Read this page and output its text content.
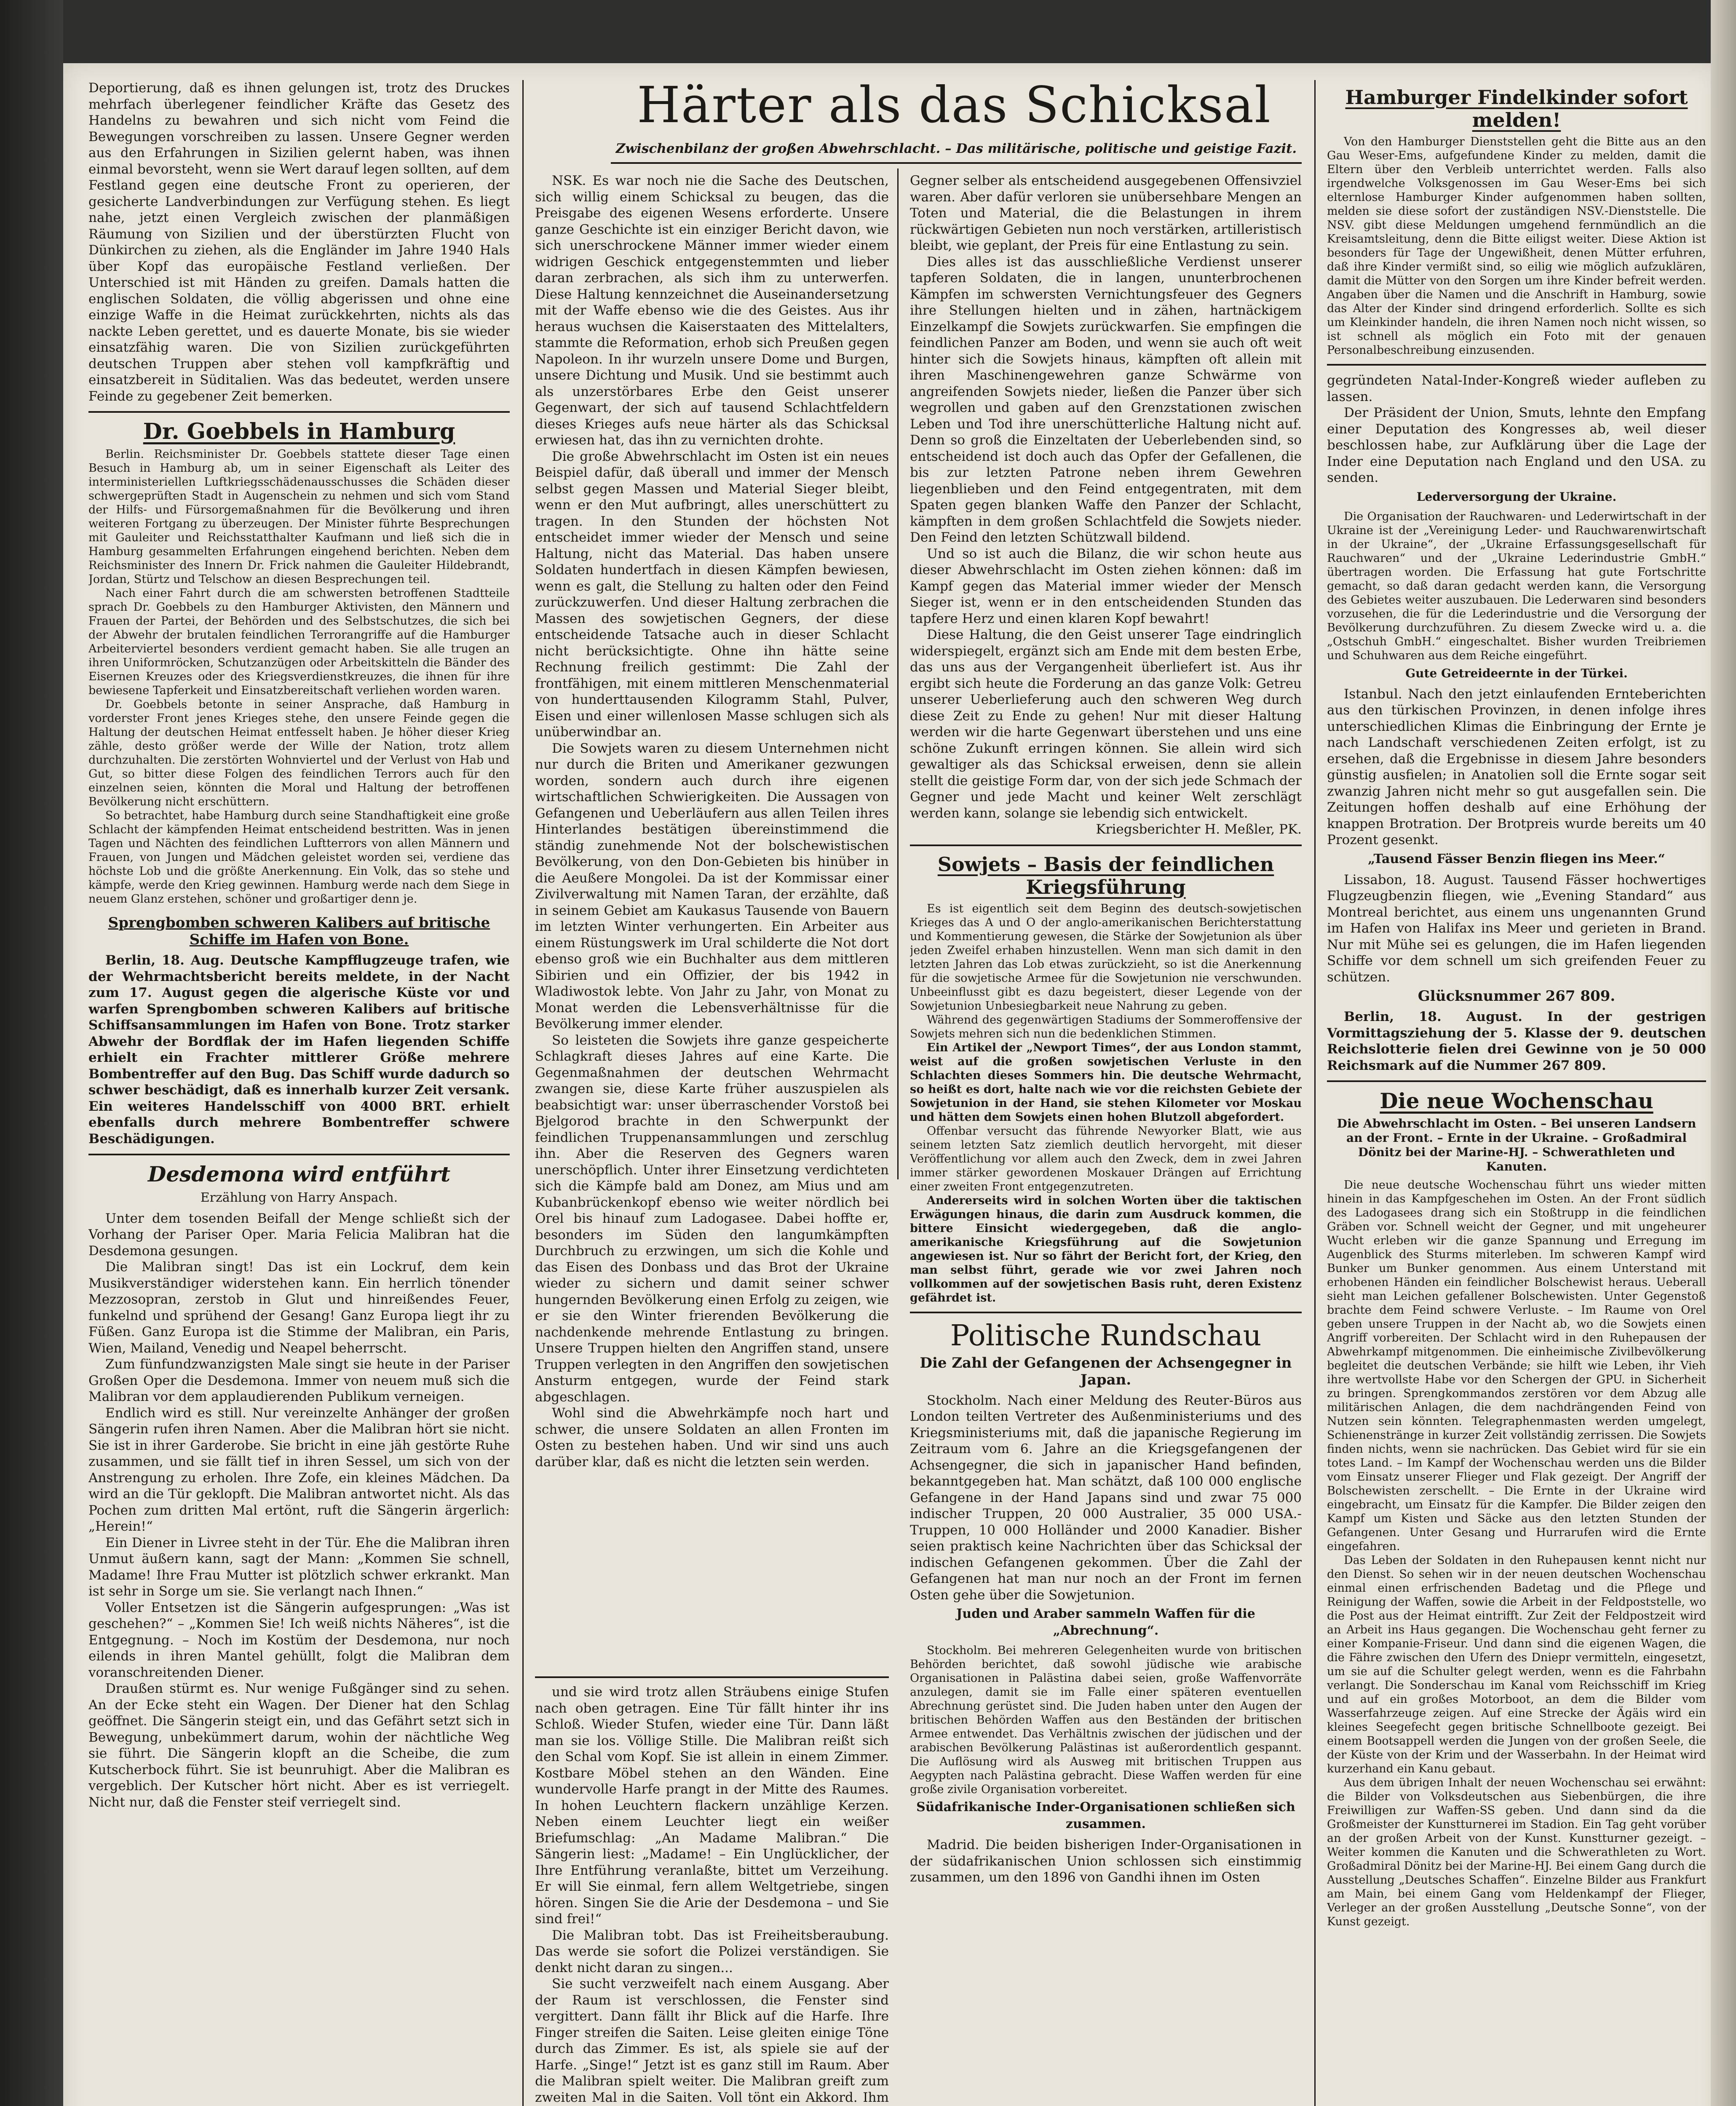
Härter als das Schicksal
Zwischenbilanz der großen Abwehrschlacht. – Das militärische, politische und geistige Fazit.

Deportierung, daß es ihnen gelungen ist, trotz des Druckes mehrfach überlegener feindlicher Kräfte das Gesetz des Handelns zu bewahren und sich nicht vom Feind die Bewegungen vorschreiben zu lassen. Unsere Gegner werden aus den Erfahrungen in Sizilien gelernt haben, was ihnen einmal bevorsteht, wenn sie Wert darauf legen sollten, auf dem Festland gegen eine deutsche Front zu operieren, der gesicherte Landverbindungen zur Verfügung stehen. Es liegt nahe, jetzt einen Vergleich zwischen der planmäßigen Räumung von Sizilien und der überstürzten Flucht von Dünkirchen zu ziehen, als die Engländer im Jahre 1940 Hals über Kopf das europäische Festland verließen. Der Unterschied ist mit Händen zu greifen. Damals hatten die englischen Soldaten, die völlig abgerissen und ohne eine einzige Waffe in die Heimat zurückkehrten, nichts als das nackte Leben gerettet, und es dauerte Monate, bis sie wieder einsatzfähig waren. Die von Sizilien zurückgeführten deutschen Truppen aber stehen voll kampfkräftig und einsatzbereit in Süditalien. Was das bedeutet, werden unsere Feinde zu gegebener Zeit bemerken.

Dr. Goebbels in Hamburg

Berlin. Reichsminister Dr. Goebbels stattete dieser Tage einen Besuch in Hamburg ab, um in seiner Eigenschaft als Leiter des interministeriellen Luftkriegsschädenausschusses die Schäden dieser schwergeprüften Stadt in Augenschein zu nehmen und sich vom Stand der Hilfs- und Fürsorgemaßnahmen für die Bevölkerung und ihren weiteren Fortgang zu überzeugen. Der Minister führte Besprechungen mit Gauleiter und Reichsstatthalter Kaufmann und ließ sich die in Hamburg gesammelten Erfahrungen eingehend berichten. Neben dem Reichsminister des Innern Dr. Frick nahmen die Gauleiter Hildebrandt, Jordan, Stürtz und Telschow an diesen Besprechungen teil.

Nach einer Fahrt durch die am schwersten betroffenen Stadtteile sprach Dr. Goebbels zu den Hamburger Aktivisten, den Männern und Frauen der Partei, der Behörden und des Selbstschutzes, die sich bei der Abwehr der brutalen feindlichen Terrorangriffe auf die Hamburger Arbeiterviertel besonders verdient gemacht haben. Sie alle trugen an ihren Uniformröcken, Schutzanzügen oder Arbeitskitteln die Bänder des Eisernen Kreuzes oder des Kriegsverdienstkreuzes, die ihnen für ihre bewiesene Tapferkeit und Einsatzbereitschaft verliehen worden waren.

Dr. Goebbels betonte in seiner Ansprache, daß Hamburg in vorderster Front jenes Krieges stehe, den unsere Feinde gegen die Haltung der deutschen Heimat entfesselt haben. Je höher dieser Krieg zähle, desto größer werde der Wille der Nation, trotz allem durchzuhalten. Die zerstörten Wohnviertel und der Verlust von Hab und Gut, so bitter diese Folgen des feindlichen Terrors auch für den einzelnen seien, könnten die Moral und Haltung der betroffenen Bevölkerung nicht erschüttern.

So betrachtet, habe Hamburg durch seine Standhaftigkeit eine große Schlacht der kämpfenden Heimat entscheidend bestritten. Was in jenen Tagen und Nächten des feindlichen Luftterrors von allen Männern und Frauen, von Jungen und Mädchen geleistet worden sei, verdiene das höchste Lob und die größte Anerkennung. Ein Volk, das so stehe und kämpfe, werde den Krieg gewinnen. Hamburg werde nach dem Siege in neuem Glanz erstehen, schöner und großartiger denn je.

Sprengbomben schweren Kalibers auf britische Schiffe im Hafen von Bone.

Berlin, 18. Aug. Deutsche Kampfflugzeuge trafen, wie der Wehrmachtsbericht bereits meldete, in der Nacht zum 17. August gegen die algerische Küste vor und warfen Sprengbomben schweren Kalibers auf britische Schiffsansammlungen im Hafen von Bone. Trotz starker Abwehr der Bordflak der im Hafen liegenden Schiffe erhielt ein Frachter mittlerer Größe mehrere Bombentreffer auf den Bug. Das Schiff wurde dadurch so schwer beschädigt, daß es innerhalb kurzer Zeit versank. Ein weiteres Handelsschiff von 4000 BRT. erhielt ebenfalls durch mehrere Bombentreffer schwere Beschädigungen.

Desdemona wird entführt
Erzählung von Harry Anspach.

Unter dem tosenden Beifall der Menge schließt sich der Vorhang der Pariser Oper. Maria Felicia Malibran hat die Desdemona gesungen.

Die Malibran singt! Das ist ein Lockruf, dem kein Musikverständiger widerstehen kann. Ein herrlich tönender Mezzosopran, zerstob in Glut und hinreißendes Feuer, funkelnd und sprühend der Gesang! Ganz Europa liegt ihr zu Füßen. Ganz Europa ist die Stimme der Malibran, ein Paris, Wien, Mailand, Venedig und Neapel beherrscht.

Zum fünfundzwanzigsten Male singt sie heute in der Pariser Großen Oper die Desdemona. Immer von neuem muß sich die Malibran vor dem applaudierenden Publikum verneigen.

Endlich wird es still. Nur vereinzelte Anhänger der großen Sängerin rufen ihren Namen. Aber die Malibran hört sie nicht. Sie ist in ihrer Garderobe. Sie bricht in eine jäh gestörte Ruhe zusammen, und sie fällt tief in ihren Sessel, um sich von der Anstrengung zu erholen. Ihre Zofe, ein kleines Mädchen. Da wird an die Tür geklopft. Die Malibran antwortet nicht. Als das Pochen zum dritten Mal ertönt, ruft die Sängerin ärgerlich: „Herein!“

Ein Diener in Livree steht in der Tür. Ehe die Malibran ihren Unmut äußern kann, sagt der Mann: „Kommen Sie schnell, Madame! Ihre Frau Mutter ist plötzlich schwer erkrankt. Man ist sehr in Sorge um sie. Sie verlangt nach Ihnen.“

Voller Entsetzen ist die Sängerin aufgesprungen: „Was ist geschehen?“ – „Kommen Sie! Ich weiß nichts Näheres“, ist die Entgegnung. – Noch im Kostüm der Desdemona, nur noch eilends in ihren Mantel gehüllt, folgt die Malibran dem voranschreitenden Diener.

Draußen stürmt es. Nur wenige Fußgänger sind zu sehen. An der Ecke steht ein Wagen. Der Diener hat den Schlag geöffnet. Die Sängerin steigt ein, und das Gefährt setzt sich in Bewegung, unbekümmert darum, wohin der nächtliche Weg sie führt. Die Sängerin klopft an die Scheibe, die zum Kutscherbock führt. Sie ist beunruhigt. Aber die Malibran es vergeblich. Der Kutscher hört nicht. Aber es ist verriegelt. Nicht nur, daß die Fenster steif verriegelt sind.

NSK. Es war noch nie die Sache des Deutschen, sich willig einem Schicksal zu beugen, das die Preisgabe des eigenen Wesens erforderte. Unsere ganze Geschichte ist ein einziger Bericht davon, wie sich unerschrockene Männer immer wieder einem widrigen Geschick entgegenstemmten und lieber daran zerbrachen, als sich ihm zu unterwerfen. Diese Haltung kennzeichnet die Auseinandersetzung mit der Waffe ebenso wie die des Geistes. Aus ihr heraus wuchsen die Kaiserstaaten des Mittelalters, stammte die Reformation, erhob sich Preußen gegen Napoleon. In ihr wurzeln unsere Dome und Burgen, unsere Dichtung und Musik. Und sie bestimmt auch als unzerstörbares Erbe den Geist unserer Gegenwart, der sich auf tausend Schlachtfeldern dieses Krieges aufs neue härter als das Schicksal erwiesen hat, das ihn zu vernichten drohte.

Die große Abwehrschlacht im Osten ist ein neues Beispiel dafür, daß überall und immer der Mensch selbst gegen Massen und Material Sieger bleibt, wenn er den Mut aufbringt, alles unerschüttert zu tragen. In den Stunden der höchsten Not entscheidet immer wieder der Mensch und seine Haltung, nicht das Material. Das haben unsere Soldaten hundertfach in diesen Kämpfen bewiesen, wenn es galt, die Stellung zu halten oder den Feind zurückzuwerfen. Und dieser Haltung zerbrachen die Massen des sowjetischen Gegners, der diese entscheidende Tatsache auch in dieser Schlacht nicht berücksichtigte. Ohne ihn hätte seine Rechnung freilich gestimmt: Die Zahl der frontfähigen, mit einem mittleren Menschenmaterial von hunderttausenden Kilogramm Stahl, Pulver, Eisen und einer willenlosen Masse schlugen sich als unüberwindbar an.

Die Sowjets waren zu diesem Unternehmen nicht nur durch die Briten und Amerikaner gezwungen worden, sondern auch durch ihre eigenen wirtschaftlichen Schwierigkeiten. Die Aussagen von Gefangenen und Ueberläufern aus allen Teilen ihres Hinterlandes bestätigen übereinstimmend die ständig zunehmende Not der bolschewistischen Bevölkerung, von den Don-Gebieten bis hinüber in die Aeußere Mongolei. Da ist der Kommissar einer Zivilverwaltung mit Namen Taran, der erzählte, daß in seinem Gebiet am Kaukasus Tausende von Bauern im letzten Winter verhungerten. Ein Arbeiter aus einem Rüstungswerk im Ural schilderte die Not dort ebenso groß wie ein Buchhalter aus dem mittleren Sibirien und ein Offizier, der bis 1942 in Wladiwostok lebte. Von Jahr zu Jahr, von Monat zu Monat werden die Lebensverhältnisse für die Bevölkerung immer elender.

So leisteten die Sowjets ihre ganze gespeicherte Schlagkraft dieses Jahres auf eine Karte. Die Gegenmaßnahmen der deutschen Wehrmacht zwangen sie, diese Karte früher auszuspielen als beabsichtigt war: unser überraschender Vorstoß bei Bjelgorod brachte in den Schwerpunkt der feindlichen Truppenansammlungen und zerschlug ihn. Aber die Reserven des Gegners waren unerschöpflich. Unter ihrer Einsetzung verdichteten sich die Kämpfe bald am Donez, am Mius und am Kubanbrückenkopf ebenso wie weiter nördlich bei Orel bis hinauf zum Ladogasee. Dabei hoffte er, besonders im Süden den langumkämpften Durchbruch zu erzwingen, um sich die Kohle und das Eisen des Donbass und das Brot der Ukraine wieder zu sichern und damit seiner schwer hungernden Bevölkerung einen Erfolg zu zeigen, wie er sie den Winter frierenden Bevölkerung die nachdenkende mehrende Entlastung zu bringen. Unsere Truppen hielten den Angriffen stand, unsere Truppen verlegten in den Angriffen den sowjetischen Ansturm entgegen, wurde der Feind stark abgeschlagen.

Wohl sind die Abwehrkämpfe noch hart und schwer, die unsere Soldaten an allen Fronten im Osten zu bestehen haben. Und wir sind uns auch darüber klar, daß es nicht die letzten sein werden.

und sie wird trotz allen Sträubens einige Stufen nach oben getragen. Eine Tür fällt hinter ihr ins Schloß. Wieder Stufen, wieder eine Tür. Dann läßt man sie los. Völlige Stille. Die Malibran reißt sich den Schal vom Kopf. Sie ist allein in einem Zimmer. Kostbare Möbel stehen an den Wänden. Eine wundervolle Harfe prangt in der Mitte des Raumes. In hohen Leuchtern flackern unzählige Kerzen. Neben einem Leuchter liegt ein weißer Briefumschlag: „An Madame Malibran.“ Die Sängerin liest: „Madame! – Ein Unglücklicher, der Ihre Entführung veranlaßte, bittet um Verzeihung. Er will Sie einmal, fern allem Weltgetriebe, singen hören. Singen Sie die Arie der Desdemona – und Sie sind frei!“

Die Malibran tobt. Das ist Freiheitsberaubung. Das werde sie sofort die Polizei verständigen. Sie denkt nicht daran zu singen...

Sie sucht verzweifelt nach einem Ausgang. Aber der Raum ist verschlossen, die Fenster sind vergittert. Dann fällt ihr Blick auf die Harfe. Ihre Finger streifen die Saiten. Leise gleiten einige Töne durch das Zimmer. Es ist, als spiele sie auf der Harfe. „Singe!“ Jetzt ist es ganz still im Raum. Aber die Malibran spielt weiter. Die Malibran greift zum zweiten Mal in die Saiten. Voll tönt ein Akkord. Ihm

Gegner selber als entscheidend ausgegebenen Offensivziel waren. Aber dafür verloren sie unübersehbare Mengen an Toten und Material, die die Belastungen in ihrem rückwärtigen Gebieten nun noch verstärken, artilleristisch bleibt, wie geplant, der Preis für eine Entlastung zu sein.

Dies alles ist das ausschließliche Verdienst unserer tapferen Soldaten, die in langen, ununterbrochenen Kämpfen im schwersten Vernichtungsfeuer des Gegners ihre Stellungen hielten und in zähen, hartnäckigem Einzelkampf die Sowjets zurückwarfen. Sie empfingen die feindlichen Panzer am Boden, und wenn sie auch oft weit hinter sich die Sowjets hinaus, kämpften oft allein mit ihren Maschinengewehren ganze Schwärme von angreifenden Sowjets nieder, ließen die Panzer über sich wegrollen und gaben auf den Grenzstationen zwischen Leben und Tod ihre unerschütterliche Haltung nicht auf. Denn so groß die Einzeltaten der Ueberlebenden sind, so entscheidend ist doch auch das Opfer der Gefallenen, die bis zur letzten Patrone neben ihrem Gewehren liegenblieben und den Feind entgegentraten, mit dem Spaten gegen blanken Waffe den Panzer der Schlacht, kämpften in dem großen Schlachtfeld die Sowjets nieder. Den Feind den letzten Schützwall bildend.

Und so ist auch die Bilanz, die wir schon heute aus dieser Abwehrschlacht im Osten ziehen können: daß im Kampf gegen das Material immer wieder der Mensch Sieger ist, wenn er in den entscheidenden Stunden das tapfere Herz und einen klaren Kopf bewahrt!

Diese Haltung, die den Geist unserer Tage eindringlich widerspiegelt, ergänzt sich am Ende mit dem besten Erbe, das uns aus der Vergangenheit überliefert ist. Aus ihr ergibt sich heute die Forderung an das ganze Volk: Getreu unserer Ueberlieferung auch den schweren Weg durch diese Zeit zu Ende zu gehen! Nur mit dieser Haltung werden wir die harte Gegenwart überstehen und uns eine schöne Zukunft erringen können. Sie allein wird sich gewaltiger als das Schicksal erweisen, denn sie allein stellt die geistige Form dar, von der sich jede Schmach der Gegner und jede Macht und keiner Welt zerschlägt werden kann, solange sie lebendig sich entwickelt.

Kriegsberichter H. Meßler, PK.
Sowjets – Basis der feindlichen Kriegsführung

Es ist eigentlich seit dem Beginn des deutsch-sowjetischen Krieges das A und O der anglo-amerikanischen Berichterstattung und Kommentierung gewesen, die Stärke der Sowjetunion als über jeden Zweifel erhaben hinzustellen. Wenn man sich damit in den letzten Jahren das Lob etwas zurückzieht, so ist die Anerkennung für die sowjetische Armee für die Sowjetunion nie verschwunden. Unbeeinflusst gibt es dazu begeistert, dieser Legende von der Sowjetunion Unbesiegbarkeit neue Nahrung zu geben.

Während des gegenwärtigen Stadiums der Sommeroffensive der Sowjets mehren sich nun die bedenklichen Stimmen.

Ein Artikel der „Newport Times“, der aus London stammt, weist auf die großen sowjetischen Verluste in den Schlachten dieses Sommers hin. Die deutsche Wehrmacht, so heißt es dort, halte nach wie vor die reichsten Gebiete der Sowjetunion in der Hand, sie stehen Kilometer vor Moskau und hätten dem Sowjets einen hohen Blutzoll abgefordert.

Offenbar versucht das führende Newyorker Blatt, wie aus seinem letzten Satz ziemlich deutlich hervorgeht, mit dieser Veröffentlichung vor allem auch den Zweck, dem in zwei Jahren immer stärker gewordenen Moskauer Drängen auf Errichtung einer zweiten Front entgegenzutreten.

Andererseits wird in solchen Worten über die taktischen Erwägungen hinaus, die darin zum Ausdruck kommen, die bittere Einsicht wiedergegeben, daß die anglo-amerikanische Kriegsführung auf die Sowjetunion angewiesen ist. Nur so fährt der Bericht fort, der Krieg, den man selbst führt, gerade wie vor zwei Jahren noch vollkommen auf der sowjetischen Basis ruht, deren Existenz gefährdet ist.

Politische Rundschau
Die Zahl der Gefangenen der Achsengegner in Japan.

Stockholm. Nach einer Meldung des Reuter-Büros aus London teilten Vertreter des Außenministeriums und des Kriegsministeriums mit, daß die japanische Regierung im Zeitraum vom 6. Jahre an die Kriegsgefangenen der Achsengegner, die sich in japanischer Hand befinden, bekanntgegeben hat. Man schätzt, daß 100 000 englische Gefangene in der Hand Japans sind und zwar 75 000 indischer Truppen, 20 000 Australier, 35 000 USA.-Truppen, 10 000 Holländer und 2000 Kanadier. Bisher seien praktisch keine Nachrichten über das Schicksal der indischen Gefangenen gekommen. Über die Zahl der Gefangenen hat man nur noch an der Front im fernen Osten gehe über die Sowjetunion.

Juden und Araber sammeln Waffen für die „Abrechnung“.

Stockholm. Bei mehreren Gelegenheiten wurde von britischen Behörden berichtet, daß sowohl jüdische wie arabische Organisationen in Palästina dabei seien, große Waffenvorräte anzulegen, damit sie im Falle einer späteren eventuellen Abrechnung gerüstet sind. Die Juden haben unter den Augen der britischen Behörden Waffen aus den Beständen der britischen Armee entwendet. Das Verhältnis zwischen der jüdischen und der arabischen Bevölkerung Palästinas ist außerordentlich gespannt. Die Auflösung wird als Ausweg mit britischen Truppen aus Aegypten nach Palästina gebracht. Diese Waffen werden für eine große zivile Organisation vorbereitet.

Südafrikanische Inder-Organisationen schließen sich zusammen.

Madrid. Die beiden bisherigen Inder-Organisationen in der südafrikanischen Union schlossen sich einstimmig zusammen, um den 1896 von Gandhi ihnen im Osten

Hamburger Findelkinder sofort melden!

Von den Hamburger Dienststellen geht die Bitte aus an den Gau Weser-Ems, aufgefundene Kinder zu melden, damit die Eltern über den Verbleib unterrichtet werden. Falls also irgendwelche Volksgenossen im Gau Weser-Ems bei sich elternlose Hamburger Kinder aufgenommen haben sollten, melden sie diese sofort der zuständigen NSV.-Dienststelle. Die NSV. gibt diese Meldungen umgehend fernmündlich an die Kreisamtsleitung, denn die Bitte eiligst weiter. Diese Aktion ist besonders für Tage der Ungewißheit, denen Mütter erfuhren, daß ihre Kinder vermißt sind, so eilig wie möglich aufzuklären, damit die Mütter von den Sorgen um ihre Kinder befreit werden. Angaben über die Namen und die Anschrift in Hamburg, sowie das Alter der Kinder sind dringend erforderlich. Sollte es sich um Kleinkinder handeln, die ihren Namen noch nicht wissen, so ist schnell als möglich ein Foto mit der genauen Personalbeschreibung einzusenden.

gegründeten Natal-Inder-Kongreß wieder aufleben zu lassen.

Der Präsident der Union, Smuts, lehnte den Empfang einer Deputation des Kongresses ab, weil dieser beschlossen habe, zur Aufklärung über die Lage der Inder eine Deputation nach England und den USA. zu senden.

Lederversorgung der Ukraine.

Die Organisation der Rauchwaren- und Lederwirtschaft in der Ukraine ist der „Vereinigung Leder- und Rauchwarenwirtschaft in der Ukraine“, der „Ukraine Erfassungsgesellschaft für Rauchwaren“ und der „Ukraine Lederindustrie GmbH.“ übertragen worden. Die Erfassung hat gute Fortschritte gemacht, so daß daran gedacht werden kann, die Versorgung des Gebietes weiter auszubauen. Die Lederwaren sind besonders vorzusehen, die für die Lederindustrie und die Versorgung der Bevölkerung durchzuführen. Zu diesem Zwecke wird u. a. die „Ostschuh GmbH.“ eingeschaltet. Bisher wurden Treibriemen und Schuhwaren aus dem Reiche eingeführt.

Gute Getreideernte in der Türkei.

Istanbul. Nach den jetzt einlaufenden Ernteberichten aus den türkischen Provinzen, in denen infolge ihres unterschiedlichen Klimas die Einbringung der Ernte je nach Landschaft verschiedenen Zeiten erfolgt, ist zu ersehen, daß die Ergebnisse in diesem Jahre besonders günstig ausfielen; in Anatolien soll die Ernte sogar seit zwanzig Jahren nicht mehr so gut ausgefallen sein. Die Zeitungen hoffen deshalb auf eine Erhöhung der knappen Brotration. Der Brotpreis wurde bereits um 40 Prozent gesenkt.

„Tausend Fässer Benzin fliegen ins Meer.“

Lissabon, 18. August. Tausend Fässer hochwertiges Flugzeugbenzin fliegen, wie „Evening Standard“ aus Montreal berichtet, aus einem uns ungenannten Grund im Hafen von Halifax ins Meer und gerieten in Brand. Nur mit Mühe sei es gelungen, die im Hafen liegenden Schiffe vor dem schnell um sich greifenden Feuer zu schützen.

Glücksnummer 267 809.

Berlin, 18. August. In der gestrigen Vormittagsziehung der 5. Klasse der 9. deutschen Reichslotterie fielen drei Gewinne von je 50 000 Reichsmark auf die Nummer 267 809.

Die neue Wochenschau
Die Abwehrschlacht im Osten. – Bei unseren Landsern an der Front. – Ernte in der Ukraine. – Großadmiral Dönitz bei der Marine-HJ. – Schwerathleten und Kanuten.

Die neue deutsche Wochenschau führt uns wieder mitten hinein in das Kampfgeschehen im Osten. An der Front südlich des Ladogasees drang sich ein Stoßtrupp in die feindlichen Gräben vor. Schnell weicht der Gegner, und mit ungeheurer Wucht erleben wir die ganze Spannung und Erregung im Augenblick des Sturms miterleben. Im schweren Kampf wird Bunker um Bunker genommen. Aus einem Unterstand mit erhobenen Händen ein feindlicher Bolschewist heraus. Ueberall sieht man Leichen gefallener Bolschewisten. Unter Gegenstoß brachte dem Feind schwere Verluste. – Im Raume von Orel geben unsere Truppen in der Nacht ab, wo die Sowjets einen Angriff vorbereiten. Der Schlacht wird in den Ruhepausen der Abwehrkampf mitgenommen. Die einheimische Zivilbevölkerung begleitet die deutschen Verbände; sie hilft wie Leben, ihr Vieh ihre wertvollste Habe vor den Schergen der GPU. in Sicherheit zu bringen. Sprengkommandos zerstören vor dem Abzug alle militärischen Anlagen, die dem nachdrängenden Feind von Nutzen sein könnten. Telegraphenmasten werden umgelegt, Schienenstränge in kurzer Zeit vollständig zerrissen. Die Sowjets finden nichts, wenn sie nachrücken. Das Gebiet wird für sie ein totes Land. – Im Kampf der Wochenschau werden uns die Bilder vom Einsatz unserer Flieger und Flak gezeigt. Der Angriff der Bolschewisten zerschellt. – Die Ernte in der Ukraine wird eingebracht, um Einsatz für die Kampfer. Die Bilder zeigen den Kampf um Kisten und Säcke aus den letzten Stunden der Gefangenen. Unter Gesang und Hurrarufen wird die Ernte eingefahren.

Das Leben der Soldaten in den Ruhepausen kennt nicht nur den Dienst. So sehen wir in der neuen deutschen Wochenschau einmal einen erfrischenden Badetag und die Pflege und Reinigung der Waffen, sowie die Arbeit in der Feldpoststelle, wo die Post aus der Heimat eintrifft. Zur Zeit der Feldpostzeit wird an Arbeit ins Haus gegangen. Die Wochenschau geht ferner zu einer Kompanie-Friseur. Und dann sind die eigenen Wagen, die die Fähre zwischen den Ufern des Dniepr vermitteln, eingesetzt, um sie auf die Schulter gelegt werden, wenn es die Fahrbahn verlangt. Die Sonderschau im Kanal vom Reichsschiff im Krieg und auf ein großes Motorboot, an dem die Bilder vom Wasserfahrzeuge zeigen. Auf eine Strecke der Ägäis wird ein kleines Seegefecht gegen britische Schnellboote gezeigt. Bei einem Bootsappell werden die Jungen von der großen Seele, die der Küste von der Krim und der Wasserbahn. In der Heimat wird kurzerhand ein Kanu gebaut.

Aus dem übrigen Inhalt der neuen Wochenschau sei erwähnt: die Bilder von Volksdeutschen aus Siebenbürgen, die ihre Freiwilligen zur Waffen-SS geben. Und dann sind da die Großmeister der Kunstturnerei im Stadion. Ein Tag geht vorüber an der großen Arbeit von der Kunst. Kunstturner gezeigt. – Weiter kommen die Kanuten und die Schwerathleten zu Wort. Großadmiral Dönitz bei der Marine-HJ. Bei einem Gang durch die Ausstellung „Deutsches Schaffen“. Einzelne Bilder aus Frankfurt am Main, bei einem Gang vom Heldenkampf der Flieger, Verleger an der großen Ausstellung „Deutsche Sonne“, von der Kunst gezeigt.
